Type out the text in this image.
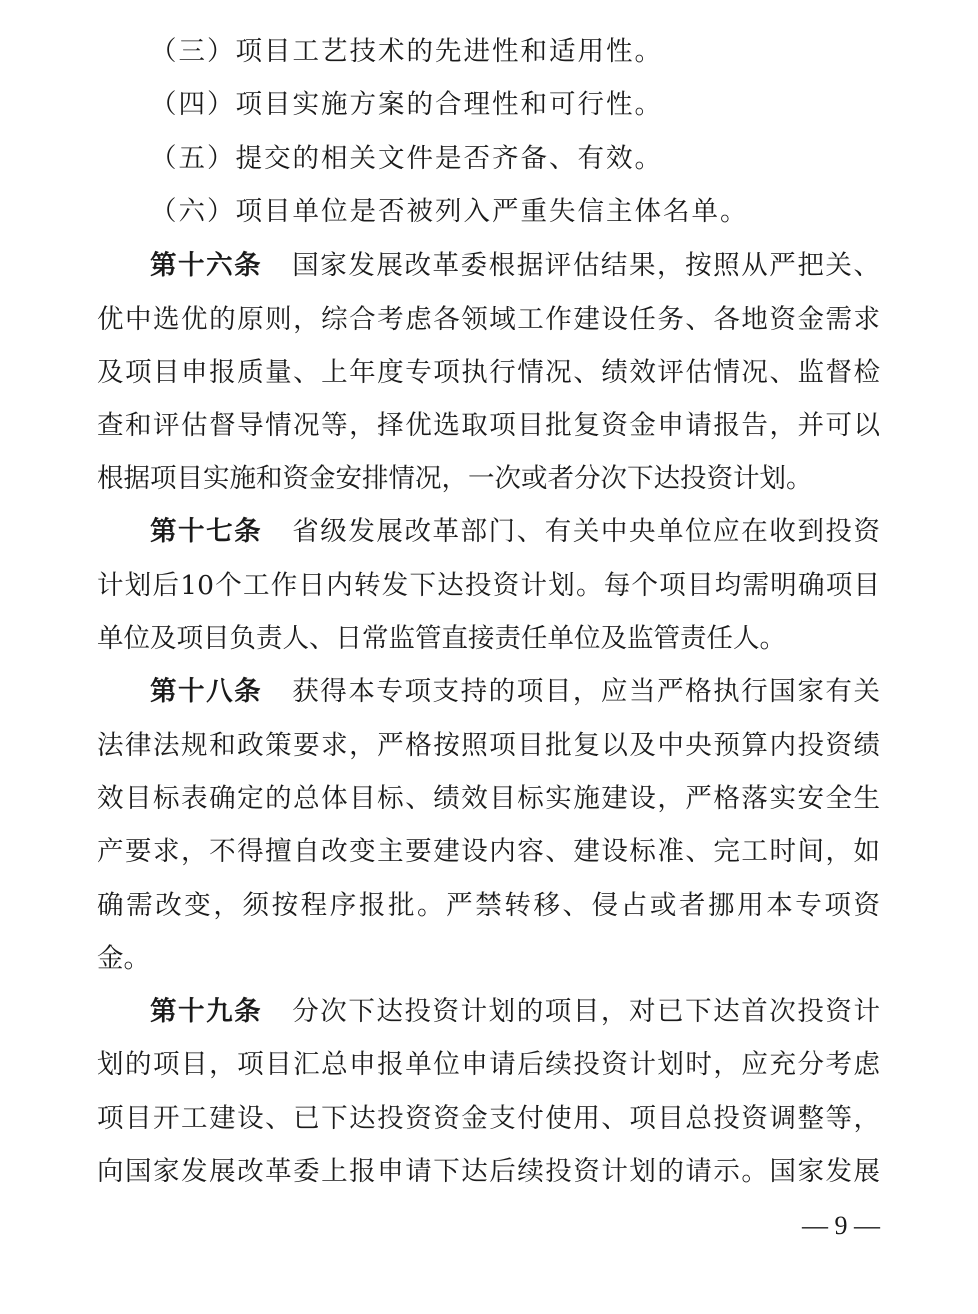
（三）项目工艺技术的先进性和适用性。
（四）项目实施方案的合理性和可行性。
（五）提交的相关文件是否齐备、有效。
（六）项目单位是否被列入严重失信主体名单。
第十六条 国家发展改革委根据评估结果，按照从严把关、
优中选优的原则，综合考虑各领域工作建设任务、各地资金需求
及项目申报质量、上年度专项执行情况、绩效评估情况、监督检
查和评估督导情况等，择优选取项目批复资金申请报告，并可以
根据项目实施和资金安排情况，一次或者分次下达投资计划。
第十七条 省级发展改革部门、有关中央单位应在收到投资
计划后10个工作日内转发下达投资计划。每个项目均需明确项目
单位及项目负责人、日常监管直接责任单位及监管责任人。
第十八条 获得本专项支持的项目，应当严格执行国家有关
法律法规和政策要求，严格按照项目批复以及中央预算内投资绩
效目标表确定的总体目标、绩效目标实施建设，严格落实安全生
产要求，不得擅自改变主要建设内容、建设标准、完工时间，如
确需改变，须按程序报批。严禁转移、侵占或者挪用本专项资
金。
第十九条 分次下达投资计划的项目，对已下达首次投资计
划的项目，项目汇总申报单位申请后续投资计划时，应充分考虑
项目开工建设、已下达投资资金支付使用、项目总投资调整等，
向国家发展改革委上报申请下达后续投资计划的请示。国家发展
— 9 —
